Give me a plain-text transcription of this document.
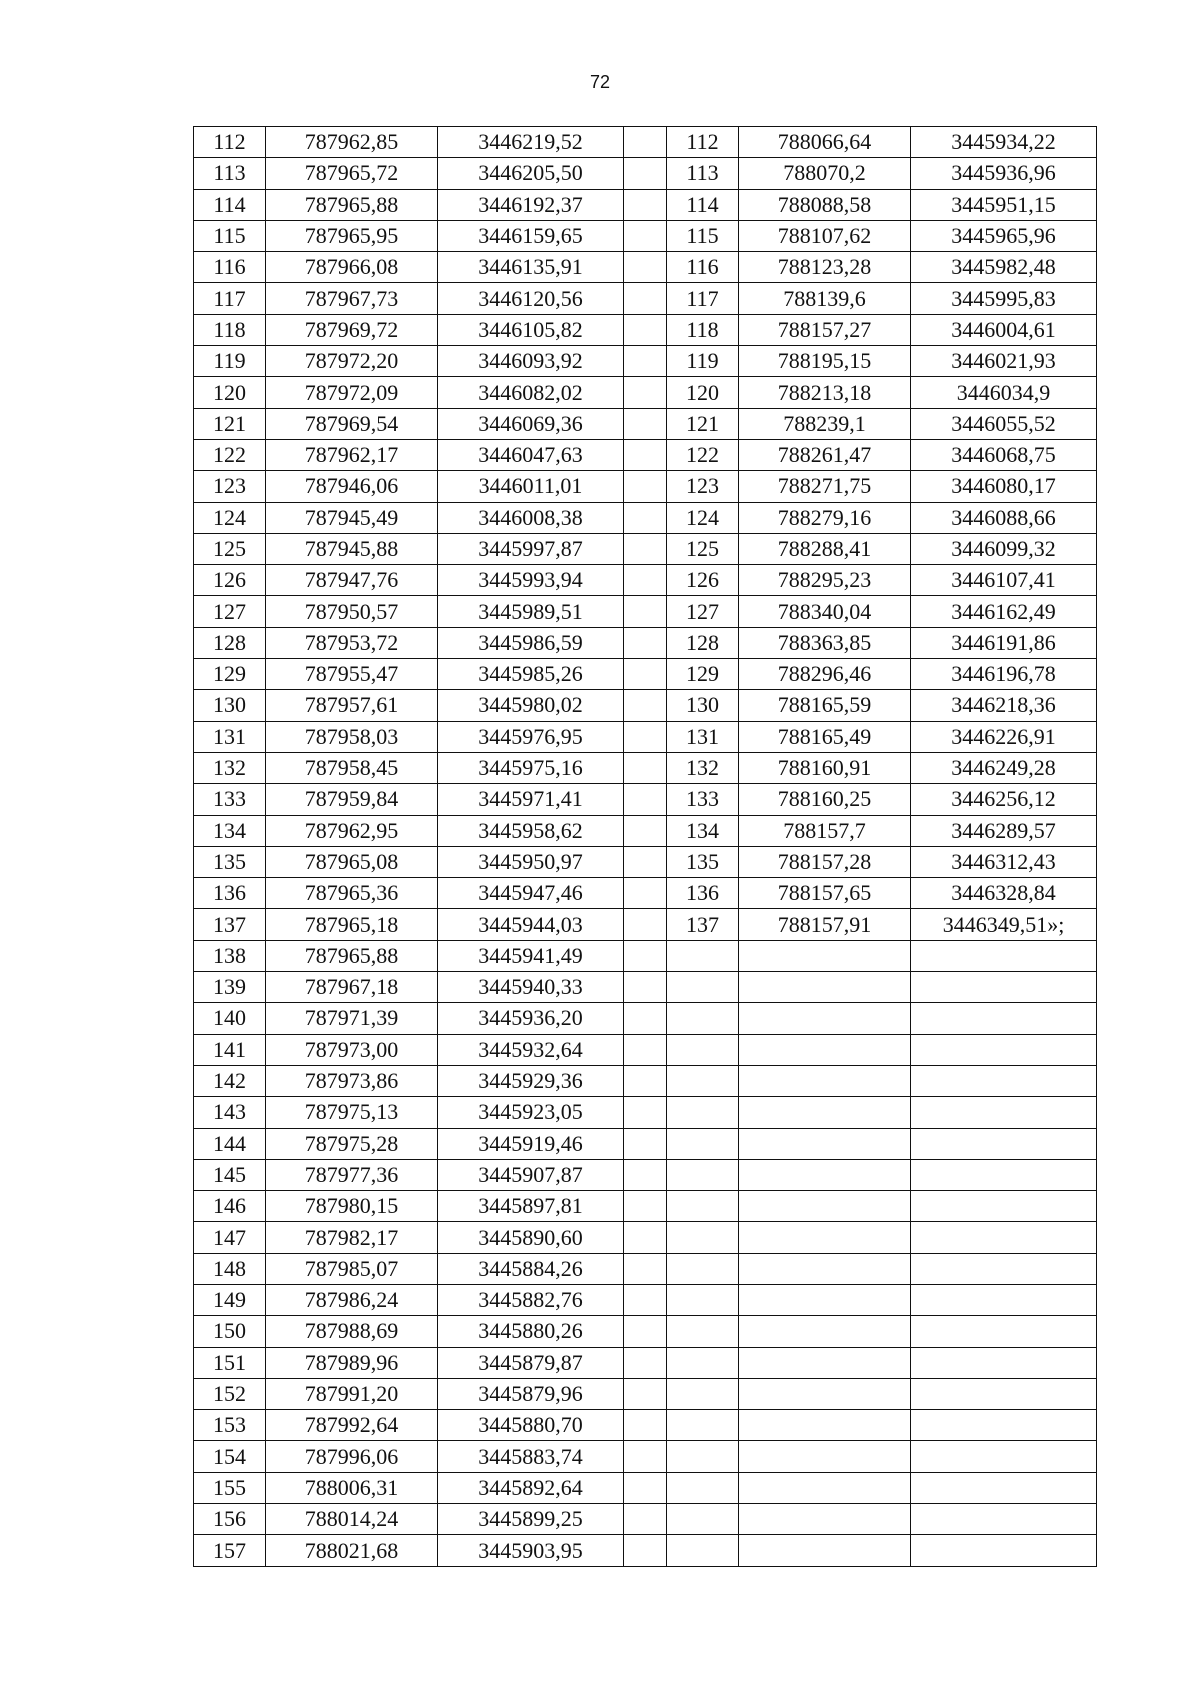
72
112	787962,85	3446219,52		112	788066,64	3445934,22
113	787965,72	3446205,50		113	788070,2	3445936,96
114	787965,88	3446192,37		114	788088,58	3445951,15
115	787965,95	3446159,65		115	788107,62	3445965,96
116	787966,08	3446135,91		116	788123,28	3445982,48
117	787967,73	3446120,56		117	788139,6	3445995,83
118	787969,72	3446105,82		118	788157,27	3446004,61
119	787972,20	3446093,92		119	788195,15	3446021,93
120	787972,09	3446082,02		120	788213,18	3446034,9
121	787969,54	3446069,36		121	788239,1	3446055,52
122	787962,17	3446047,63		122	788261,47	3446068,75
123	787946,06	3446011,01		123	788271,75	3446080,17
124	787945,49	3446008,38		124	788279,16	3446088,66
125	787945,88	3445997,87		125	788288,41	3446099,32
126	787947,76	3445993,94		126	788295,23	3446107,41
127	787950,57	3445989,51		127	788340,04	3446162,49
128	787953,72	3445986,59		128	788363,85	3446191,86
129	787955,47	3445985,26		129	788296,46	3446196,78
130	787957,61	3445980,02		130	788165,59	3446218,36
131	787958,03	3445976,95		131	788165,49	3446226,91
132	787958,45	3445975,16		132	788160,91	3446249,28
133	787959,84	3445971,41		133	788160,25	3446256,12
134	787962,95	3445958,62		134	788157,7	3446289,57
135	787965,08	3445950,97		135	788157,28	3446312,43
136	787965,36	3445947,46		136	788157,65	3446328,84
137	787965,18	3445944,03		137	788157,91	3446349,51»;
138	787965,88	3445941,49				
139	787967,18	3445940,33				
140	787971,39	3445936,20				
141	787973,00	3445932,64				
142	787973,86	3445929,36				
143	787975,13	3445923,05				
144	787975,28	3445919,46				
145	787977,36	3445907,87				
146	787980,15	3445897,81				
147	787982,17	3445890,60				
148	787985,07	3445884,26				
149	787986,24	3445882,76				
150	787988,69	3445880,26				
151	787989,96	3445879,87				
152	787991,20	3445879,96				
153	787992,64	3445880,70				
154	787996,06	3445883,74				
155	788006,31	3445892,64				
156	788014,24	3445899,25				
157	788021,68	3445903,95				
